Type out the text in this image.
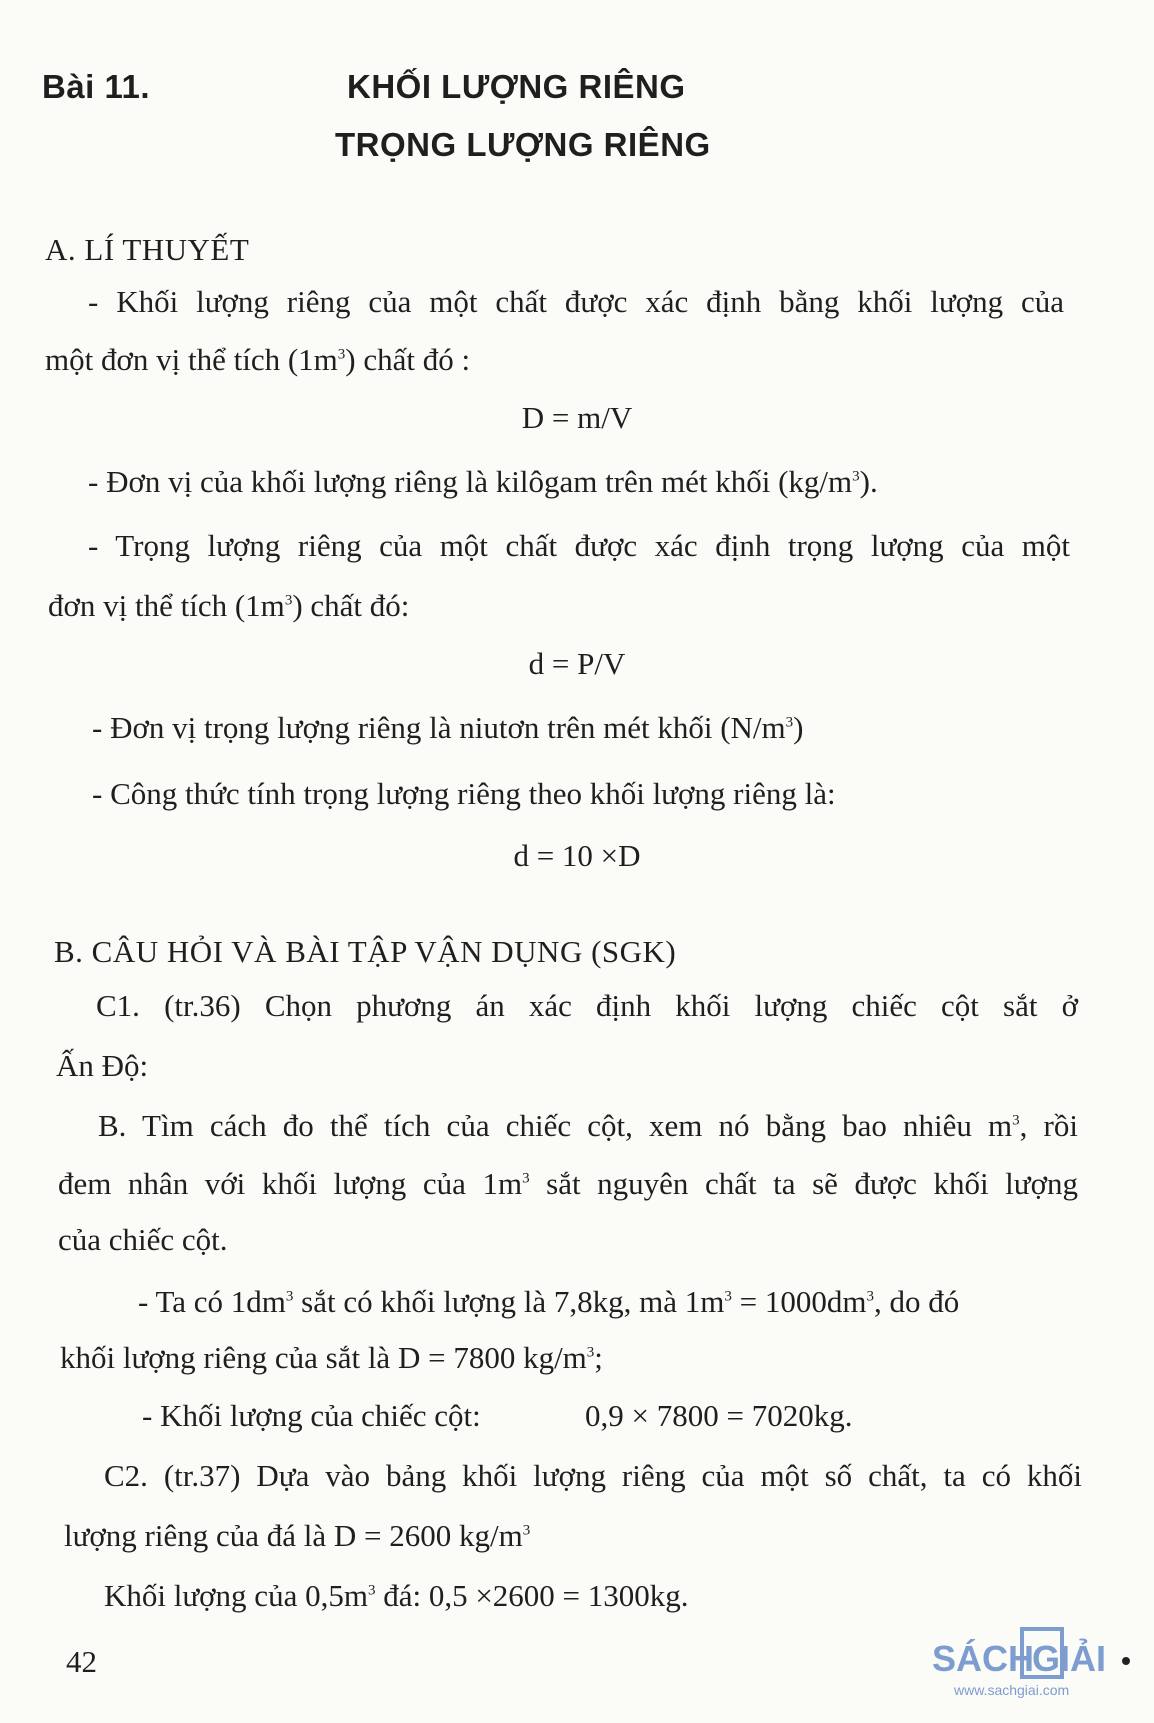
Bài 11.	KHỐI LƯỢNG RIÊNG
TRỌNG LƯỢNG RIÊNG
A. LÍ THUYẾT
- Khối lượng riêng của một chất được xác định bằng khối lượng của
một đơn vị thể tích $(1m^3)$ chất đó :
D = m/V
- Đơn vị của khối lượng riêng là kilôgam trên mét khối $(kg/m^3)$.
- Trọng lượng riêng của một chất được xác định trọng lượng của một
đơn vị thể tích $(1m^3)$ chất đó:
d = P/V
- Đơn vị trọng lượng riêng là niutơn trên mét khối $(N/m^3)$
- Công thức tính trọng lượng riêng theo khối lượng riêng là:
d = 10 ×D
B. CÂU HỎI VÀ BÀI TẬP VẬN DỤNG (SGK)
C1. (tr.36) Chọn phương án xác định khối lượng chiếc cột sắt ở
Ấn Độ:
B. Tìm cách đo thể tích của chiếc cột, xem nó bằng bao nhiêu $m^3$, rồi
đem nhân với khối lượng của $1m^3$ sắt nguyên chất ta sẽ được khối lượng
của chiếc cột.
- Ta có $1dm^3$ sắt có khối lượng là 7,8kg, mà $1m^3 = 1000dm^3$, do đó
khối lượng riêng của sắt là D = 7800 $kg/m^3$;
- Khối lượng của chiếc cột:	0,9 × 7800 = 7020kg.
C2. (tr.37) Dựa vào bảng khối lượng riêng của một số chất, ta có khối
lượng riêng của đá là D = 2600 $kg/m^3$
Khối lượng của $0,5m^3$ đá: 0,5 ×2600 = 1300kg.
42	SÁCH
GIẢI
www.sachgiai.com
